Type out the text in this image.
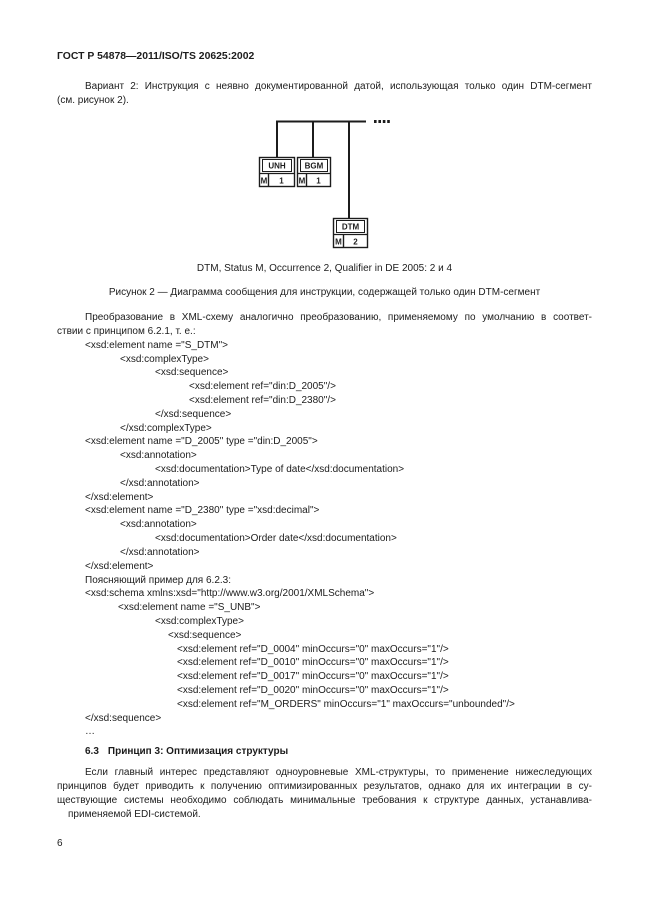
ГОСТ Р 54878—2011/ISO/TS 20625:2002
Вариант 2: Инструкция с неявно документированной датой, использующая только один DTM-сегмент
(см. рисунок 2).
UNH
M 1
BGM
M 1
DTM
M 2
DTM, Status M, Occurrence 2, Qualifier in DE 2005: 2 и 4
Рисунок 2 — Диаграмма сообщения для инструкции, содержащей только один DTM-сегмент
Преобразование в XML-схему аналогично преобразованию, применяемому по умолчанию в соответ-
ствии с принципом 6.2.1, т. е.:
<xsd:element name ="S_DTM">
<xsd:complexType>
<xsd:sequence>
<xsd:element ref="din:D_2005"/>
<xsd:element ref="din:D_2380"/>
</xsd:sequence>
</xsd:complexType>
<xsd:element name ="D_2005" type ="din:D_2005">
<xsd:annotation>
<xsd:documentation>Type of date</xsd:documentation>
</xsd:annotation>
</xsd:element>
<xsd:element name ="D_2380" type ="xsd:decimal">
<xsd:annotation>
<xsd:documentation>Order date</xsd:documentation>
</xsd:annotation>
</xsd:element>
Поясняющий пример для 6.2.3:
<xsd:schema xmlns:xsd="http://www.w3.org/2001/XMLSchema">
<xsd:element name ="S_UNB">
<xsd:complexType>
<xsd:sequence>
<xsd:element ref="D_0004" minOccurs="0" maxOccurs="1"/>
<xsd:element ref="D_0010" minOccurs="0" maxOccurs="1"/>
<xsd:element ref="D_0017" minOccurs="0" maxOccurs="1"/>
<xsd:element ref="D_0020" minOccurs="0" maxOccurs="1"/>
<xsd:element ref="M_ORDERS" minOccurs="1" maxOccurs="unbounded"/>
</xsd:sequence>
…
6.3 Принцип 3: Оптимизация структуры
Если главный интерес представляют одноуровневые XML-структуры, то применение нижеследующих
принципов будет приводить к получению оптимизированных результатов, однако для их интеграции в су-
ществующие системы необходимо соблюдать минимальные требования к структуре данных, устанавлива-
применяемой EDI-системой.
6
